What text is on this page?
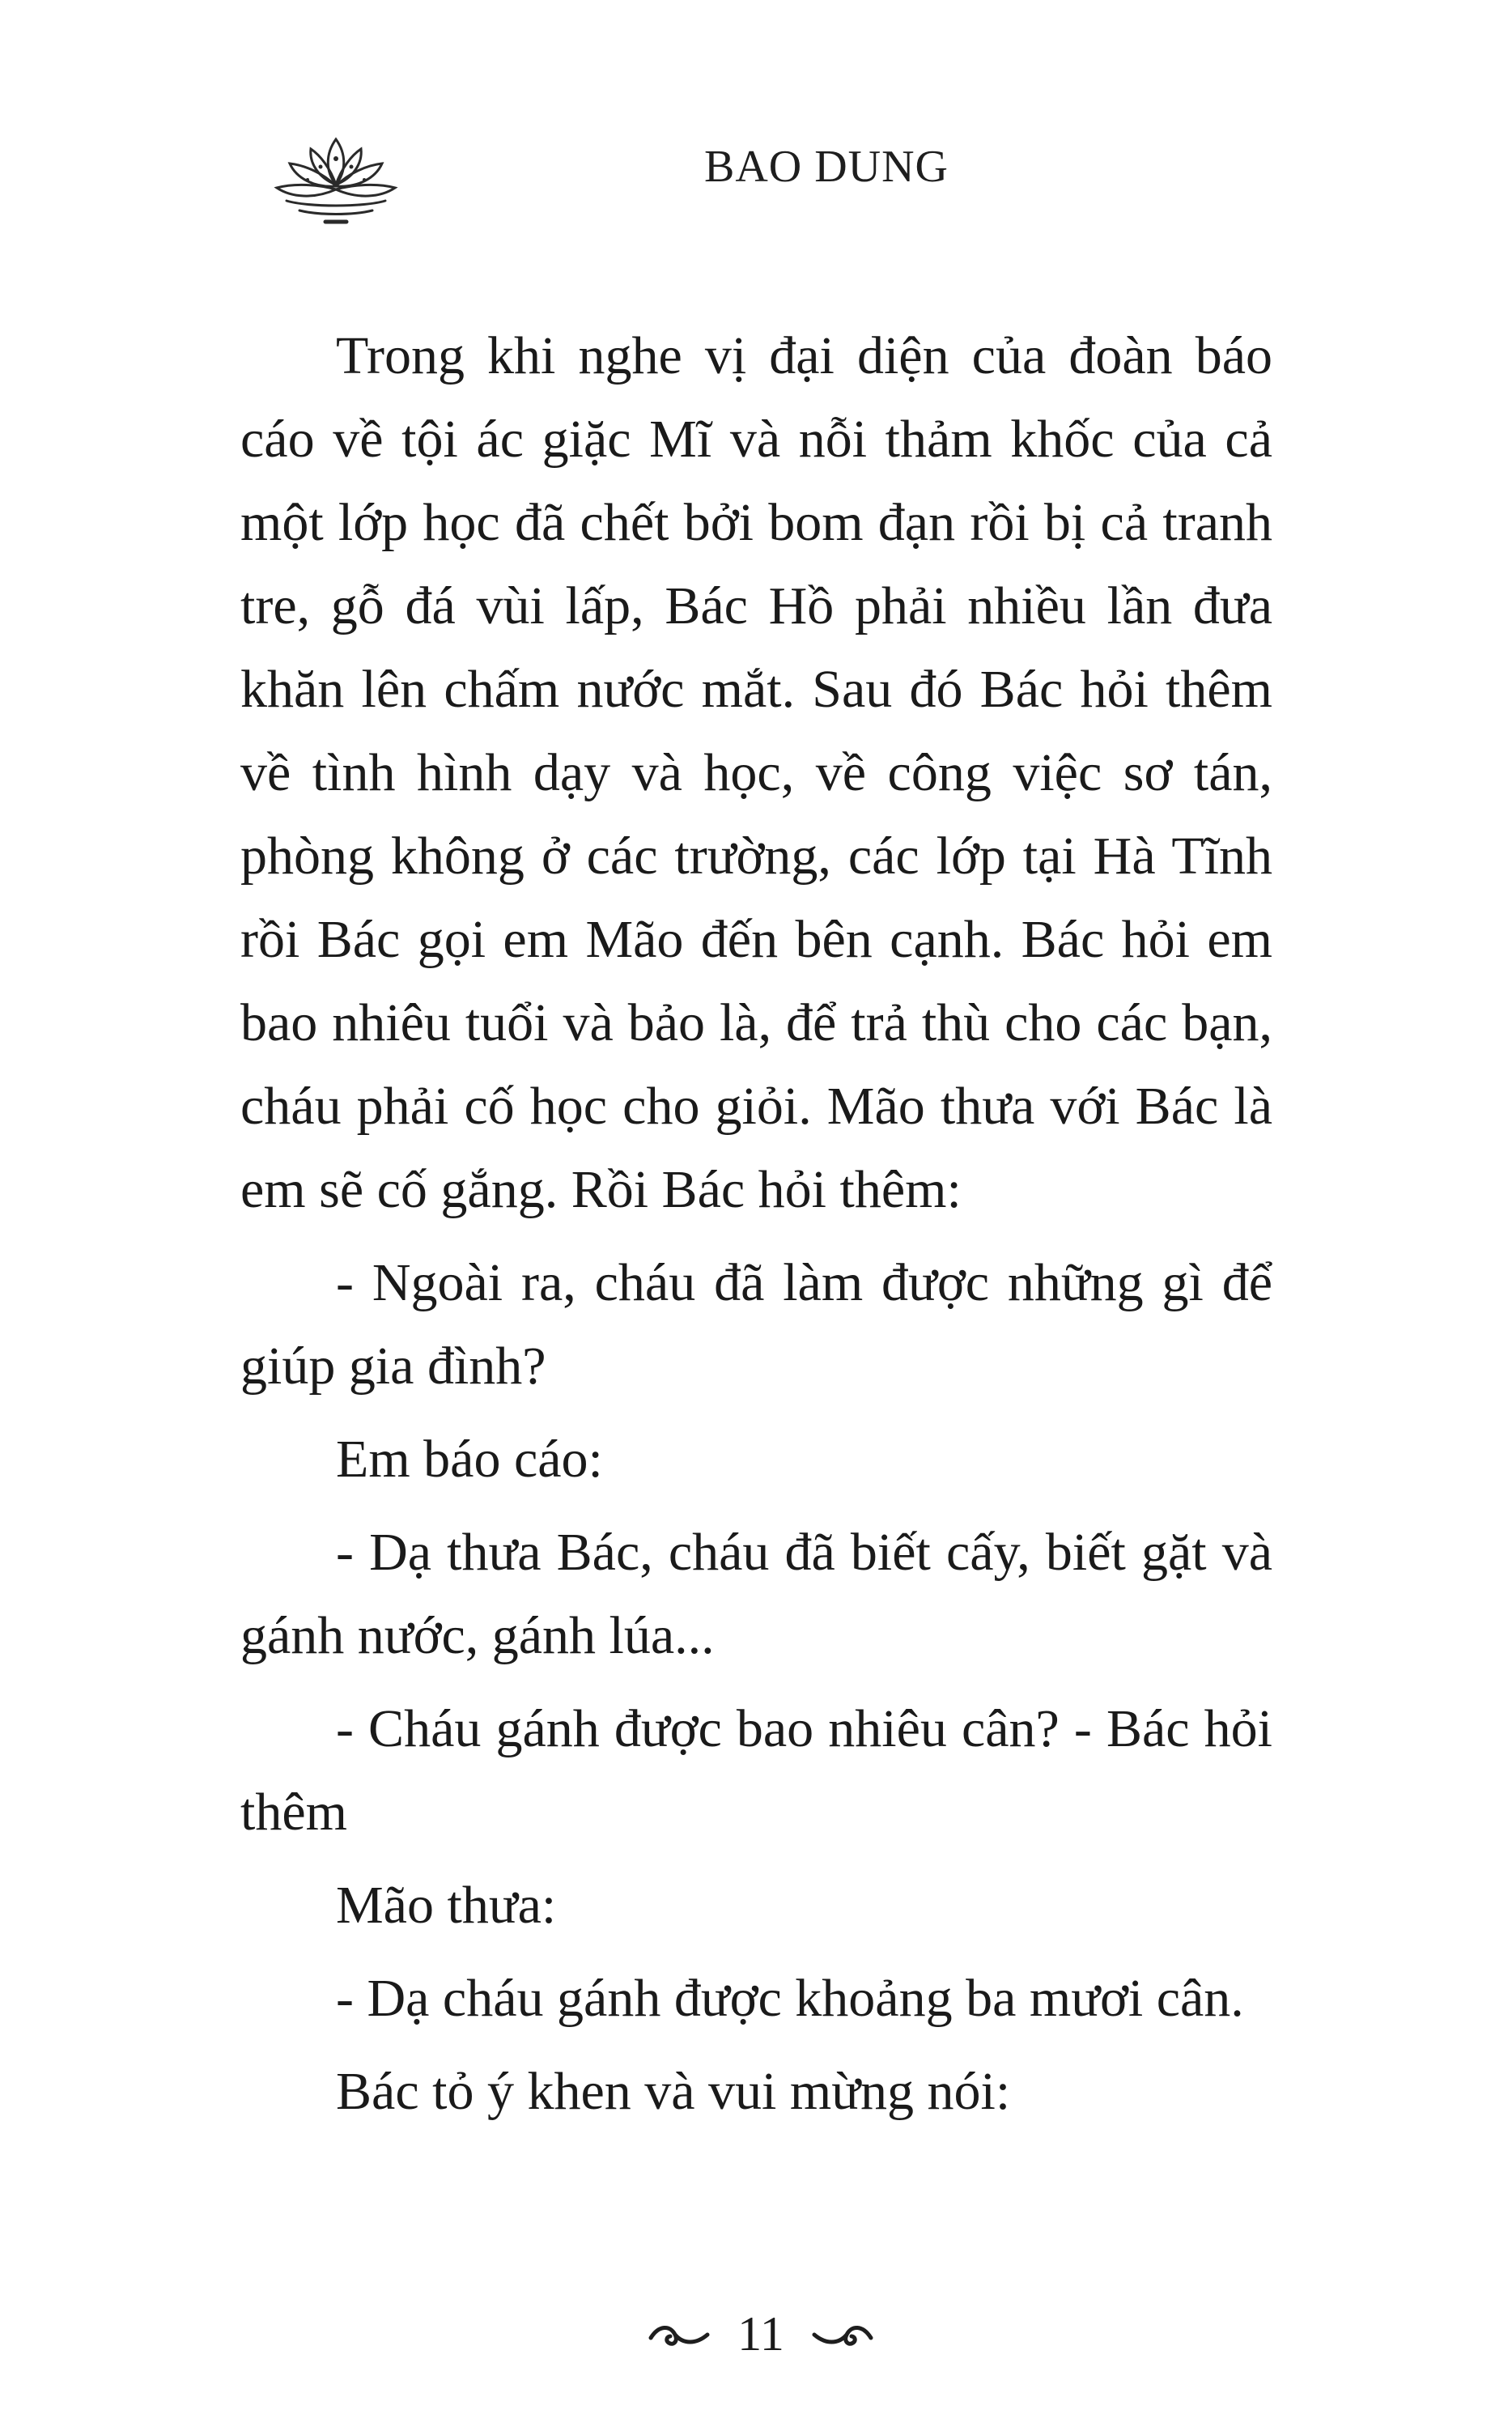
BAO DUNG

Trong khi nghe vị đại diện của đoàn báo cáo về tội ác giặc Mĩ và nỗi thảm khốc của cả một lớp học đã chết bởi bom đạn rồi bị cả tranh tre, gỗ đá vùi lấp, Bác Hồ phải nhiều lần đưa khăn lên chấm nước mắt. Sau đó Bác hỏi thêm về tình hình dạy và học, về công việc sơ tán, phòng không ở các trường, các lớp tại Hà Tĩnh rồi Bác gọi em Mão đến bên cạnh. Bác hỏi em bao nhiêu tuổi và bảo là, để trả thù cho các bạn, cháu phải cố học cho giỏi. Mão thưa với Bác là em sẽ cố gắng. Rồi Bác hỏi thêm:

- Ngoài ra, cháu đã làm được những gì để giúp gia đình?

Em báo cáo:

- Dạ thưa Bác, cháu đã biết cấy, biết gặt và gánh nước, gánh lúa...

- Cháu gánh được bao nhiêu cân? - Bác hỏi thêm

Mão thưa:

- Dạ cháu gánh được khoảng ba mươi cân.

Bác tỏ ý khen và vui mừng nói:

11
